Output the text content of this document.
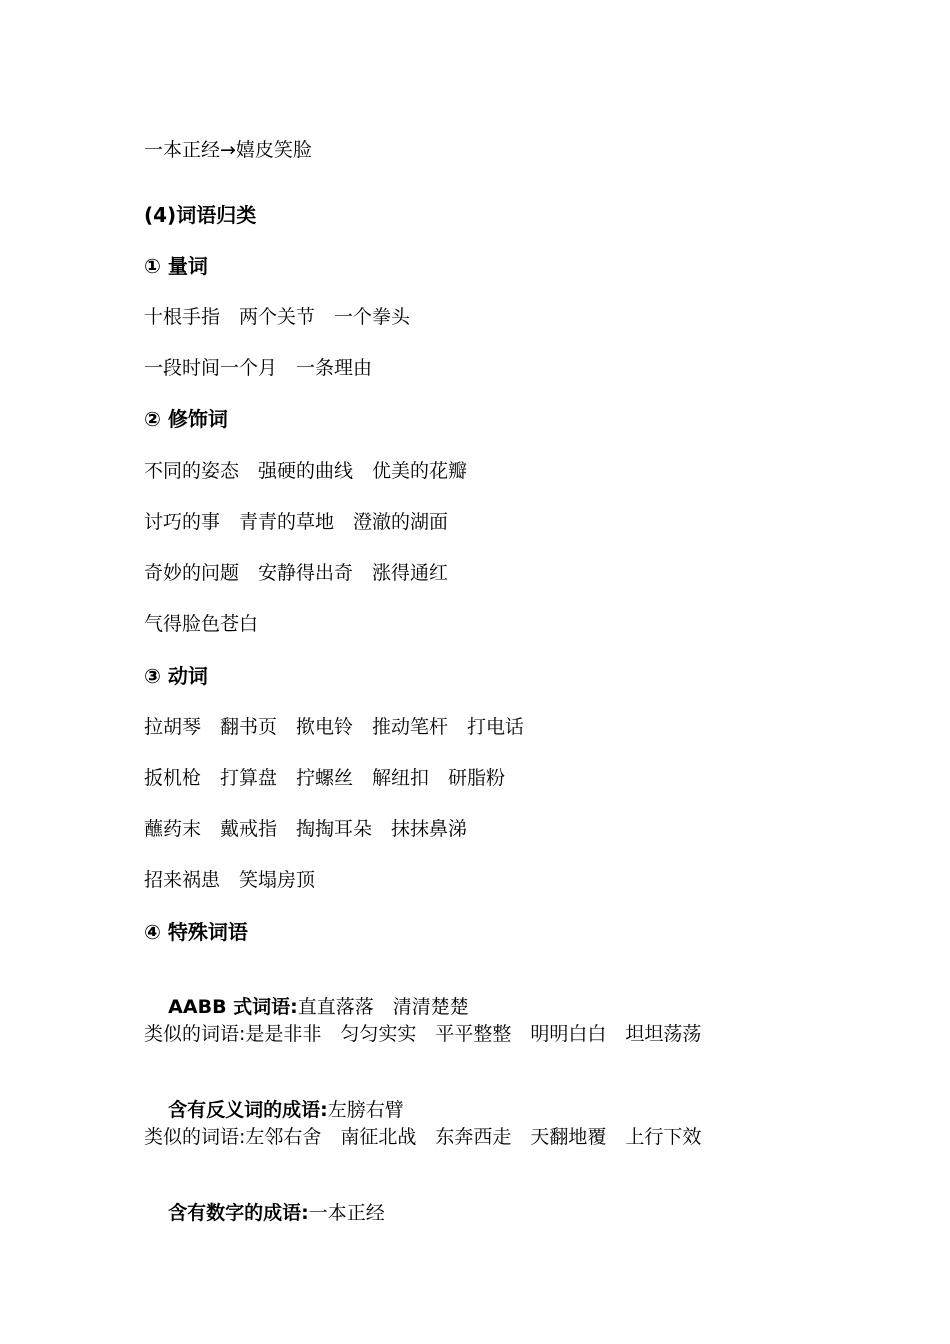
一本正经→嬉皮笑脸
(4)词语归类
① 量词
十根手指　两个关节　一个拳头
一段时间一个月　一条理由
② 修饰词
不同的姿态　强硬的曲线　优美的花瓣
讨巧的事　青青的草地　澄澈的湖面
奇妙的问题　安静得出奇　涨得通红
气得脸色苍白
③ 动词
拉胡琴　翻书页　揿电铃　推动笔杆　打电话
扳机枪　打算盘　拧螺丝　解纽扣　研脂粉
蘸药末　戴戒指　掏掏耳朵　抹抹鼻涕
招来祸患　笑塌房顶
④ 特殊词语

AABB 式词语:直直落落　清清楚楚

类似的词语:是是非非　匀匀实实　平平整整　明明白白　坦坦荡荡

含有反义词的成语:左膀右臂

类似的词语:左邻右舍　南征北战　东奔西走　天翻地覆　上行下效

含有数字的成语:一本正经
